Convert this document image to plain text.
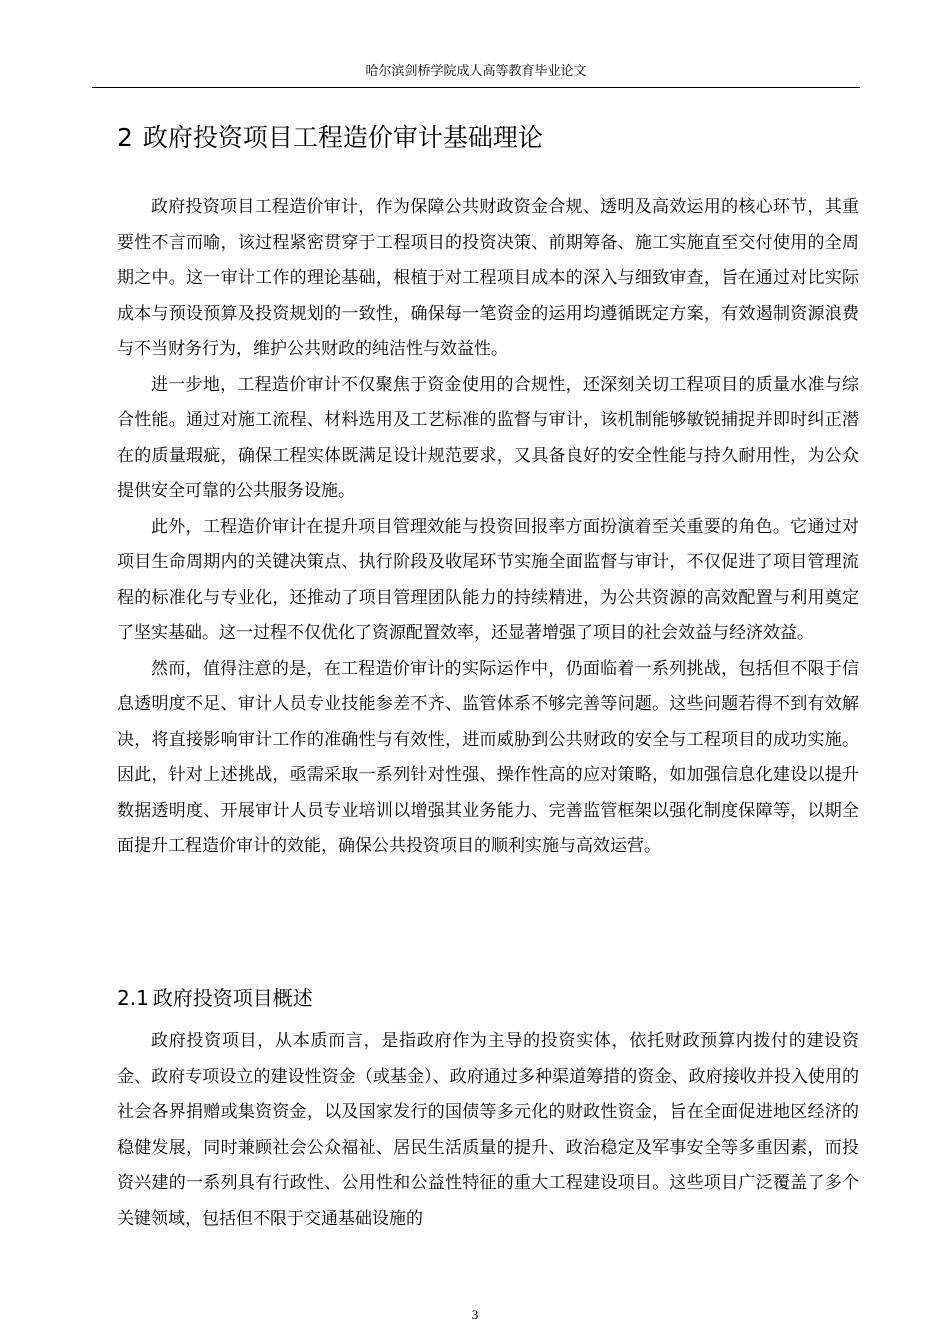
哈尔滨剑桥学院成人高等教育毕业论文
2 政府投资项目工程造价审计基础理论

政府投资项目工程造价审计，作为保障公共财政资金合规、透明及高效运用的核心环节，其重要性不言而喻，该过程紧密贯穿于工程项目的投资决策、前期筹备、施工实施直至交付使用的全周期之中。这一审计工作的理论基础，根植于对工程项目成本的深入与细致审查，旨在通过对比实际成本与预设预算及投资规划的一致性，确保每一笔资金的运用均遵循既定方案，有效遏制资源浪费与不当财务行为，维护公共财政的纯洁性与效益性。

进一步地，工程造价审计不仅聚焦于资金使用的合规性，还深刻关切工程项目的质量水准与综合性能。通过对施工流程、材料选用及工艺标准的监督与审计，该机制能够敏锐捕捉并即时纠正潜在的质量瑕疵，确保工程实体既满足设计规范要求，又具备良好的安全性能与持久耐用性，为公众提供安全可靠的公共服务设施。

此外，工程造价审计在提升项目管理效能与投资回报率方面扮演着至关重要的角色。它通过对项目生命周期内的关键决策点、执行阶段及收尾环节实施全面监督与审计，不仅促进了项目管理流程的标准化与专业化，还推动了项目管理团队能力的持续精进，为公共资源的高效配置与利用奠定了坚实基础。这一过程不仅优化了资源配置效率，还显著增强了项目的社会效益与经济效益。

然而，值得注意的是，在工程造价审计的实际运作中，仍面临着一系列挑战，包括但不限于信息透明度不足、审计人员专业技能参差不齐、监管体系不够完善等问题。这些问题若得不到有效解决，将直接影响审计工作的准确性与有效性，进而威胁到公共财政的安全与工程项目的成功实施。因此，针对上述挑战，亟需采取一系列针对性强、操作性高的应对策略，如加强信息化建设以提升数据透明度、开展审计人员专业培训以增强其业务能力、完善监管框架以强化制度保障等，以期全面提升工程造价审计的效能，确保公共投资项目的顺利实施与高效运营。

2.1 政府投资项目概述

政府投资项目，从本质而言，是指政府作为主导的投资实体，依托财政预算内拨付的建设资金、政府专项设立的建设性资金（或基金）、政府通过多种渠道筹措的资金、政府接收并投入使用的社会各界捐赠或集资资金，以及国家发行的国债等多元化的财政性资金，旨在全面促进地区经济的稳健发展，同时兼顾社会公众福祉、居民生活质量的提升、政治稳定及军事安全等多重因素，而投资兴建的一系列具有行政性、公用性和公益性特征的重大工程建设项目。这些项目广泛覆盖了多个关键领域，包括但不限于交通基础设施的

3
